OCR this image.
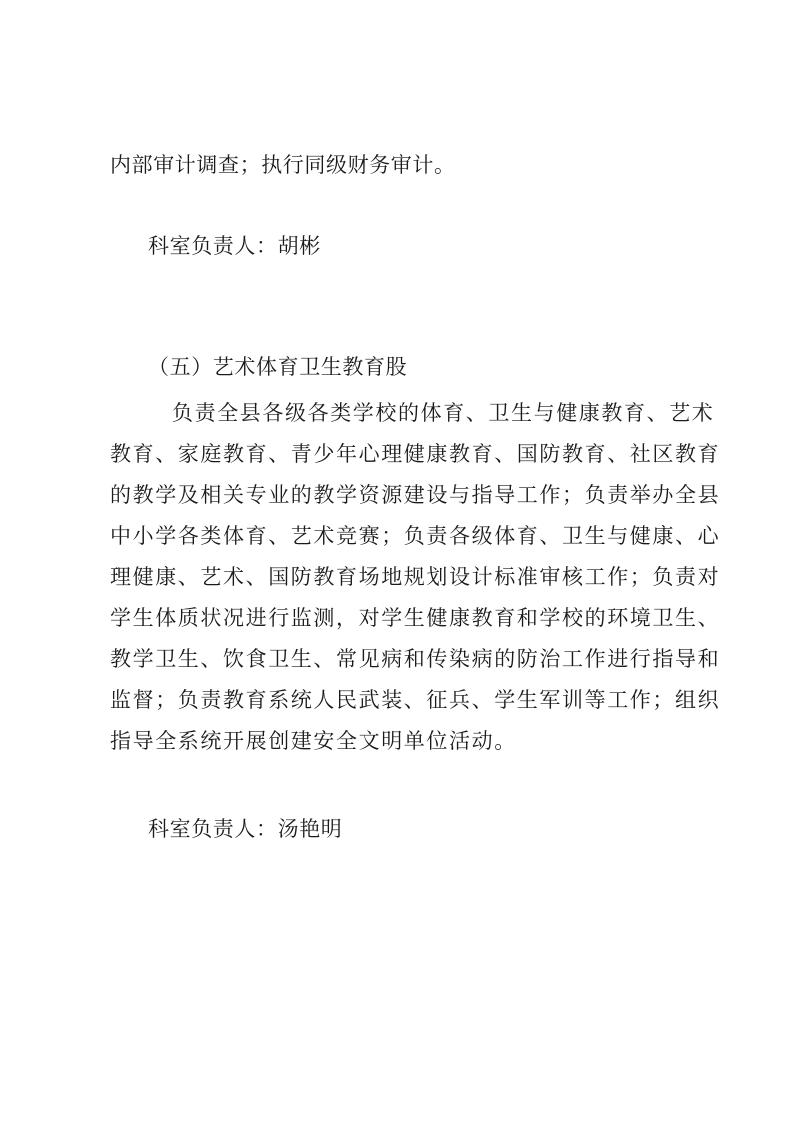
内部审计调查；执行同级财务审计。
科室负责人：胡彬
（五）艺术体育卫生教育股
负责全县各级各类学校的体育、卫生与健康教育、艺术
教育、家庭教育、青少年心理健康教育、国防教育、社区教育
的教学及相关专业的教学资源建设与指导工作；负责举办全县
中小学各类体育、艺术竞赛；负责各级体育、卫生与健康、心
理健康、艺术、国防教育场地规划设计标准审核工作；负责对
学生体质状况进行监测，对学生健康教育和学校的环境卫生、
教学卫生、饮食卫生、常见病和传染病的防治工作进行指导和
监督；负责教育系统人民武装、征兵、学生军训等工作；组织
指导全系统开展创建安全文明单位活动。
科室负责人：汤艳明
